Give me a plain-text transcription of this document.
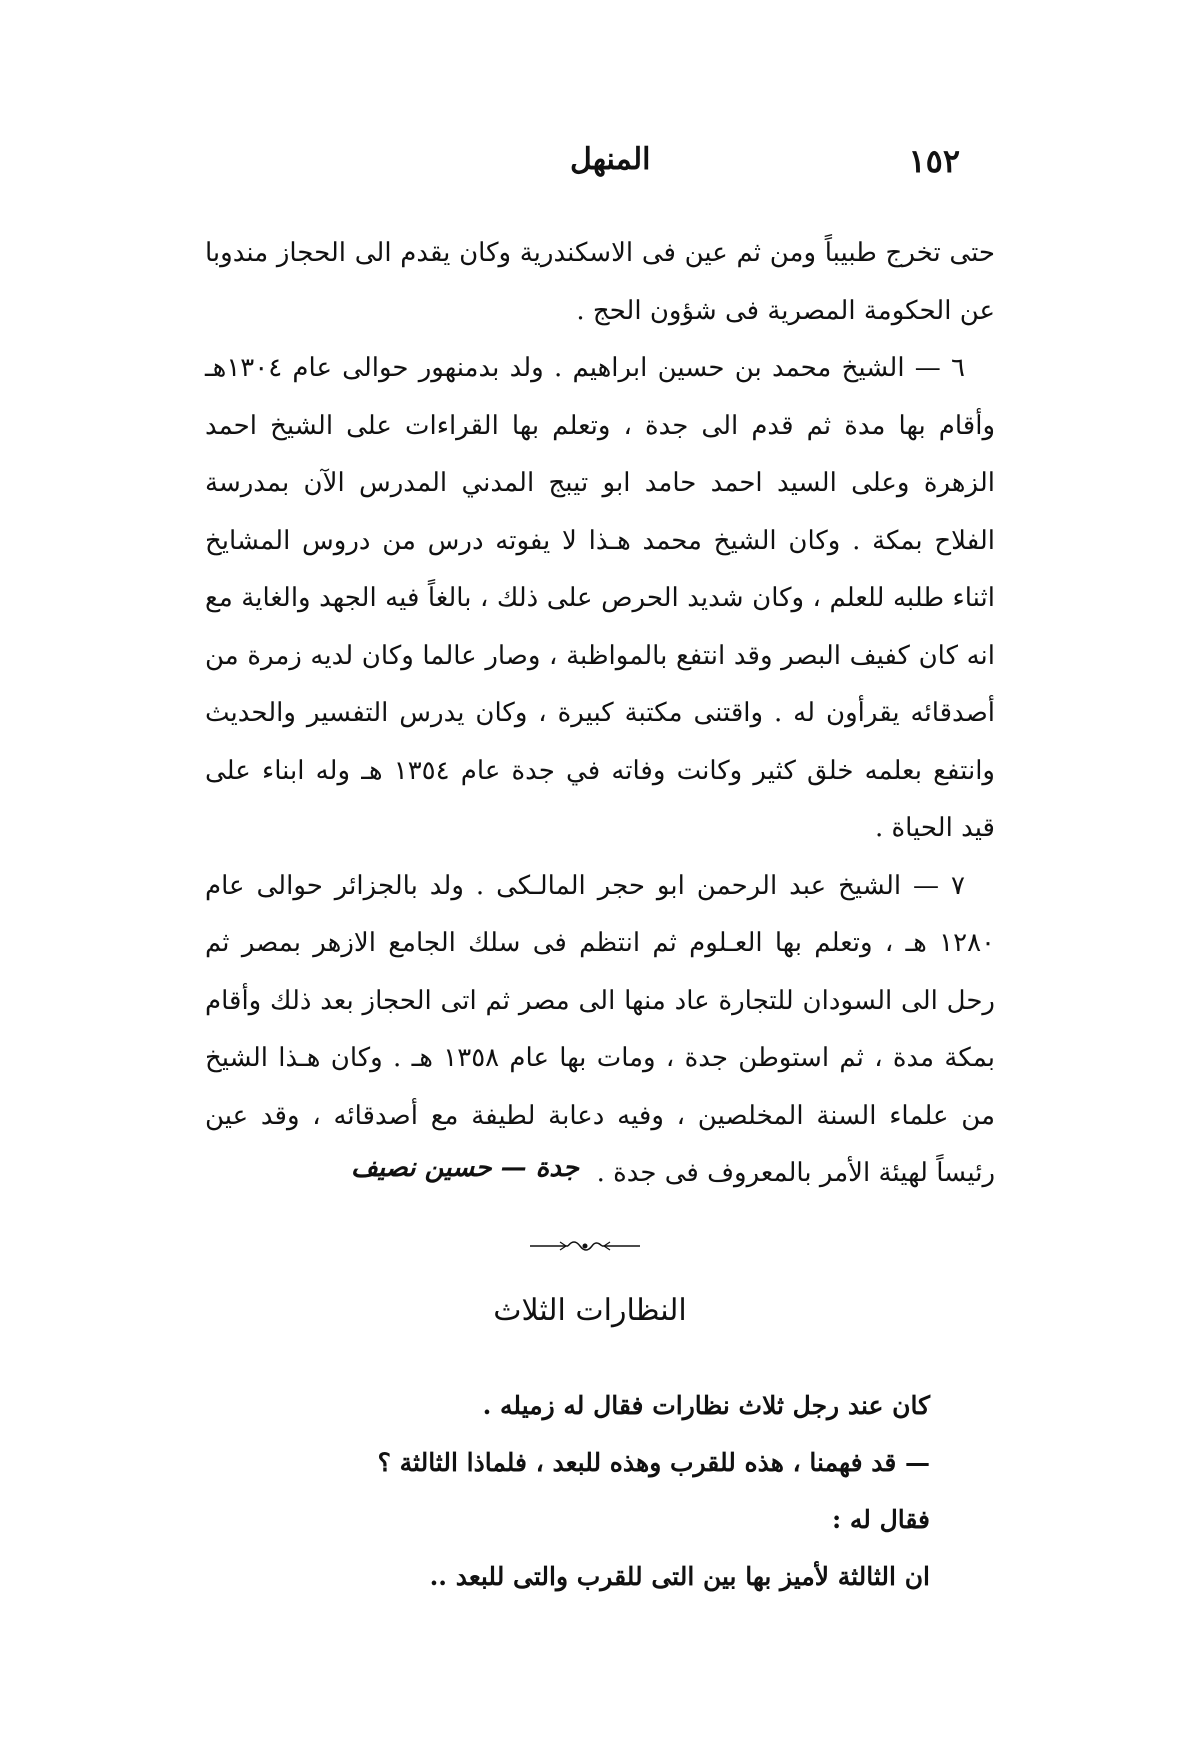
١٥٢
المنهل

حتى تخرج طبيباً ومن ثم عين فى الاسكندرية وكان يقدم الى الحجاز مندوبا عن الحكومة المصرية فى شؤون الحج .

٦ — الشيخ محمد بن حسين ابراهيم . ولد بدمنهور حوالى عام ١٣٠٤هـ وأقام بها مدة ثم قدم الى جدة ، وتعلم بها القراءات على الشيخ احمد الزهرة وعلى السيد احمد حامد ابو تيبج المدني المدرس الآن بمدرسة الفلاح بمكة . وكان الشيخ محمد هـذا لا يفوته درس من دروس المشايخ اثناء طلبه للعلم ، وكان شديد الحرص على ذلك ، بالغاً فيه الجهد والغاية مع انه كان كفيف البصر وقد انتفع بالمواظبة ، وصار عالما وكان لديه زمرة من أصدقائه يقرأون له . واقتنى مكتبة كبيرة ، وكان يدرس التفسير والحديث وانتفع بعلمه خلق كثير وكانت وفاته في جدة عام ١٣٥٤ هـ وله ابناء على قيد الحياة .

٧ — الشيخ عبد الرحمن ابو حجر المالـكى . ولد بالجزائر حوالى عام ١٢٨٠ هـ ، وتعلم بها العـلوم ثم انتظم فى سلك الجامع الازهر بمصر ثم رحل الى السودان للتجارة عاد منها الى مصر ثم اتى الحجاز بعد ذلك وأقام بمكة مدة ، ثم استوطن جدة ، ومات بها عام ١٣٥٨ هـ . وكان هـذا الشيخ من علماء السنة المخلصين ، وفيه دعابة لطيفة مع أصدقائه ، وقد عين رئيساً لهيئة الأمر بالمعروف فى جدة .

جدة — حسين نصيف
النظارات الثلاث

كان عند رجل ثلاث نظارات فقال له زميله .

— قد فهمنا ، هذه للقرب وهذه للبعد ، فلماذا الثالثة ؟

فقال له :

ان الثالثة لأميز بها بين التى للقرب والتى للبعد ..
